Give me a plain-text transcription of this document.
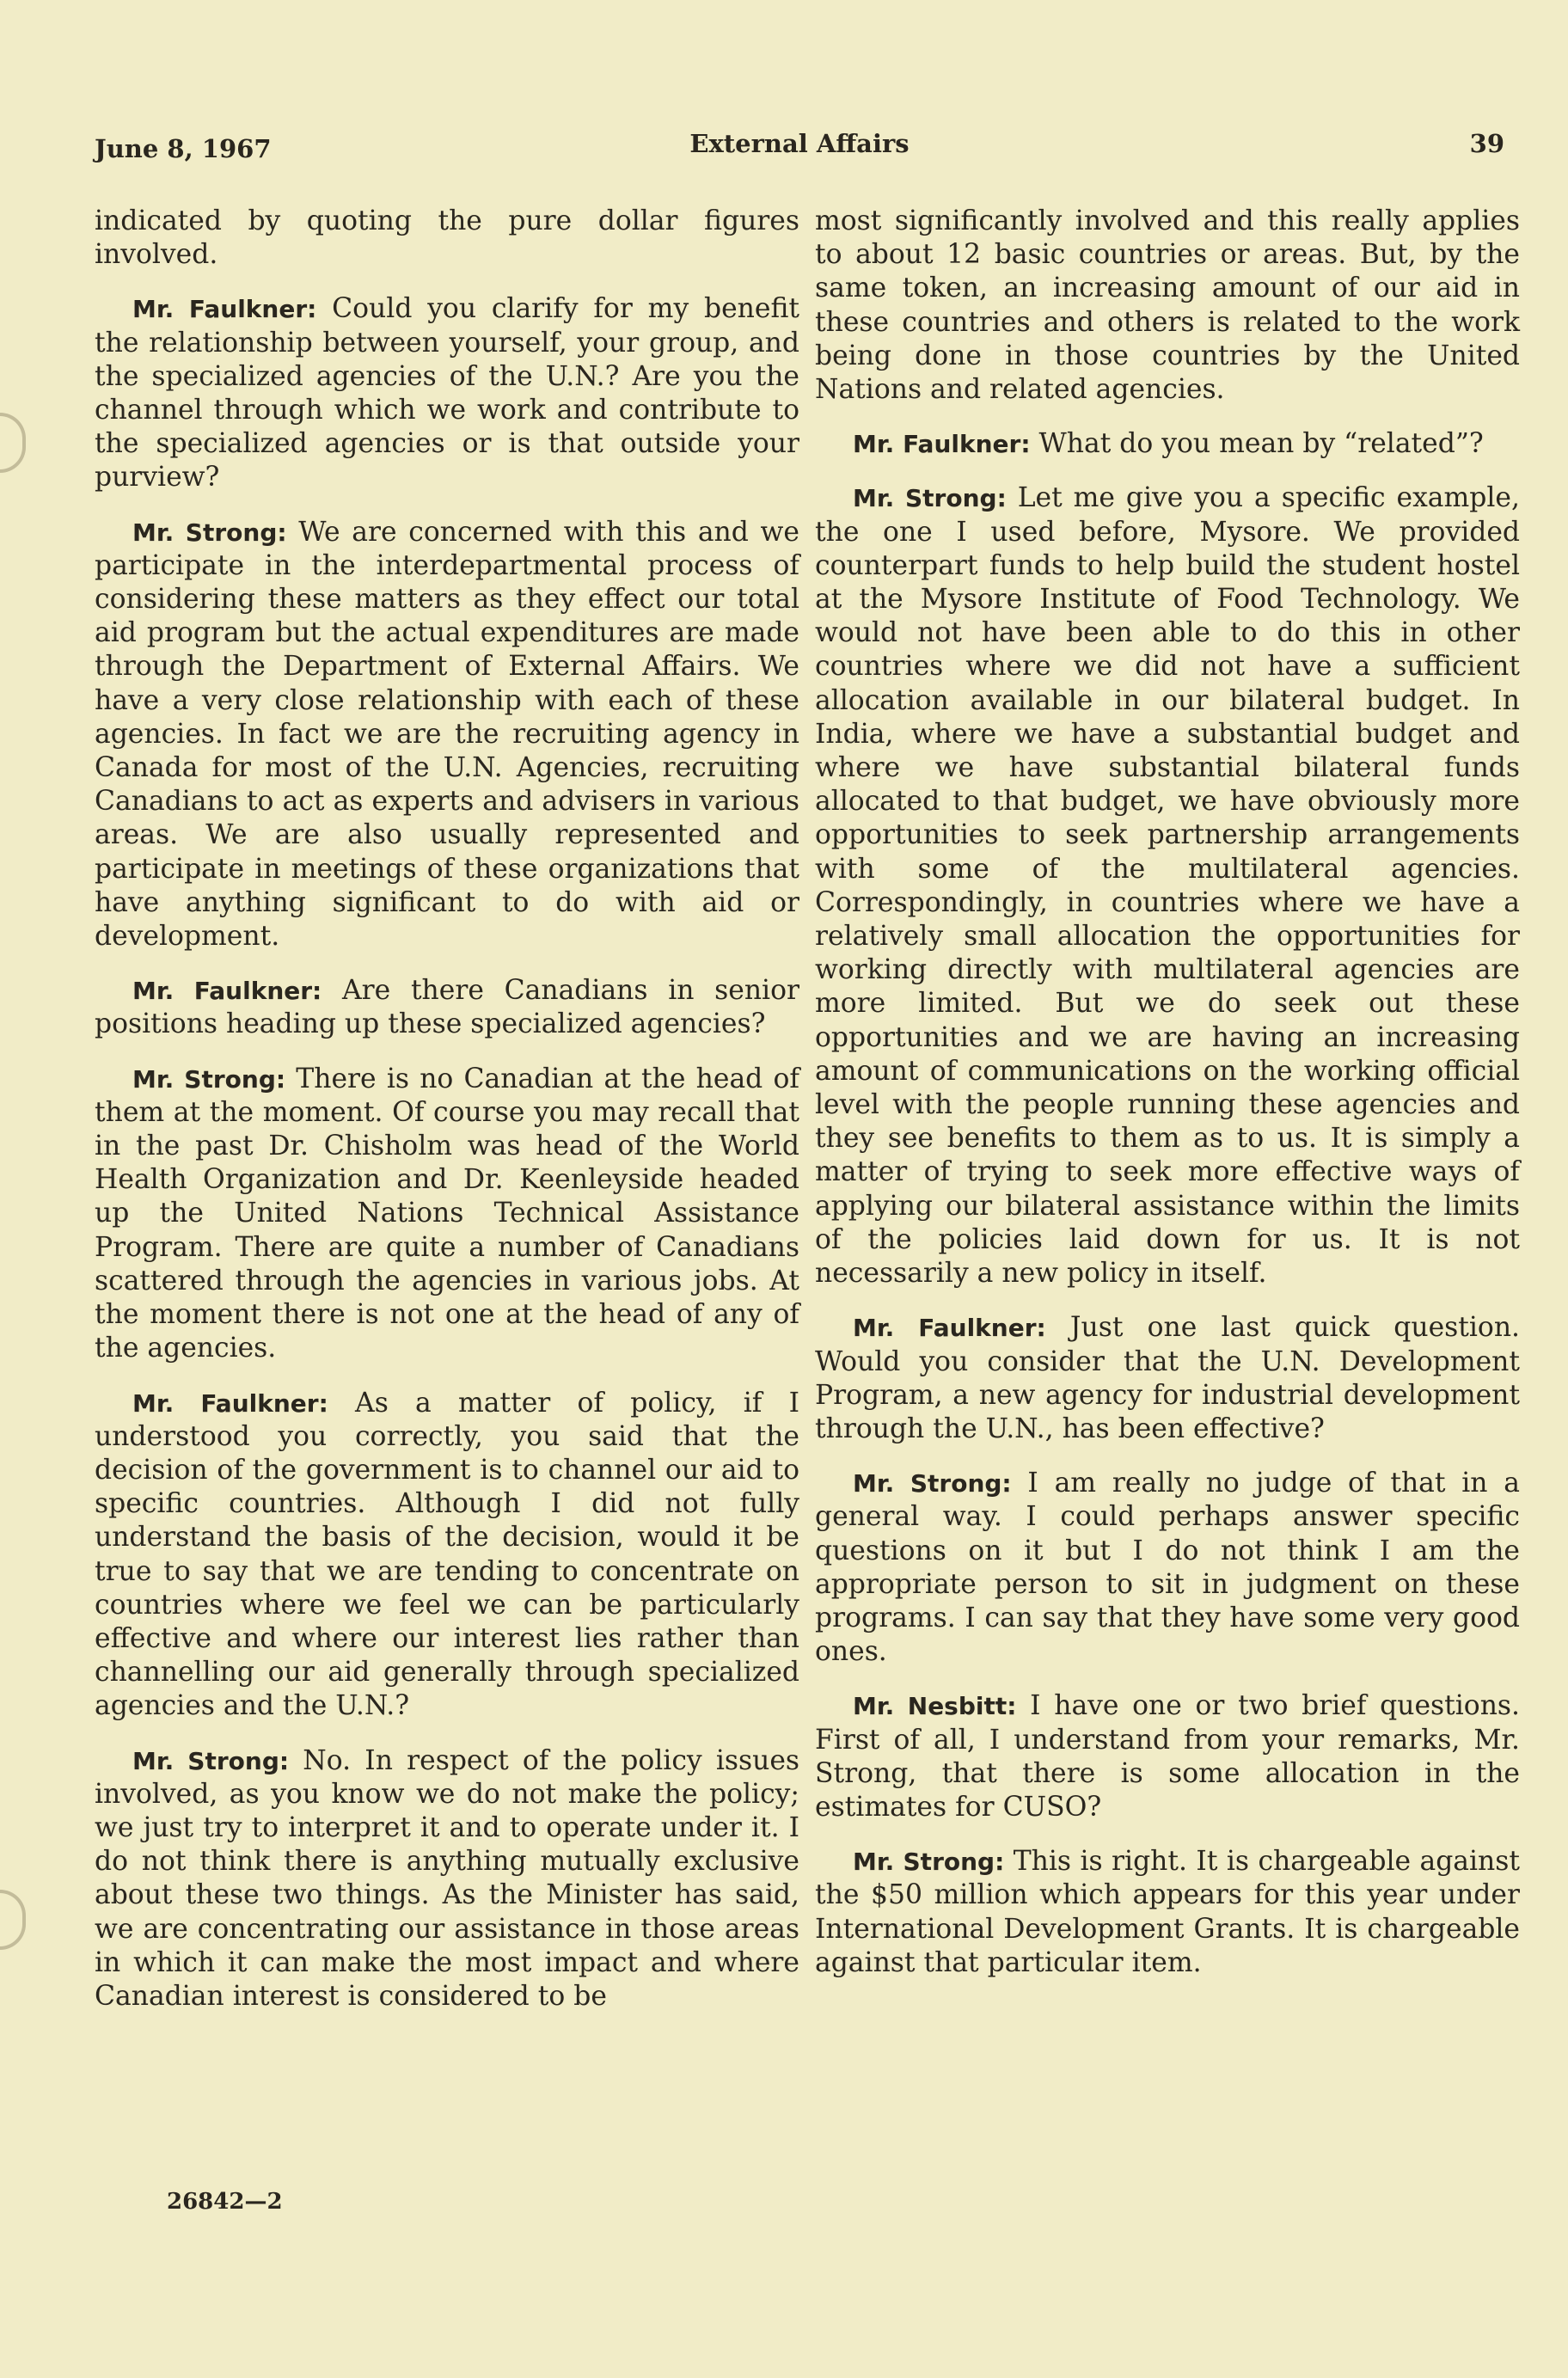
June 8, 1967	External Affairs	39

indicated by quoting the pure dollar figures involved.

Mr. Faulkner: Could you clarify for my benefit the relationship between yourself, your group, and the specialized agencies of the U.N.? Are you the channel through which we work and contribute to the specialized agencies or is that outside your purview?

Mr. Strong: We are concerned with this and we participate in the interdepartmental process of considering these matters as they effect our total aid program but the actual expenditures are made through the Department of External Affairs. We have a very close relationship with each of these agencies. In fact we are the recruiting agency in Canada for most of the U.N. Agencies, recruiting Canadians to act as experts and advisers in various areas. We are also usually represented and participate in meetings of these organizations that have anything significant to do with aid or development.

Mr. Faulkner: Are there Canadians in senior positions heading up these specialized agencies?

Mr. Strong: There is no Canadian at the head of them at the moment. Of course you may recall that in the past Dr. Chisholm was head of the World Health Organization and Dr. Keenleyside headed up the United Nations Technical Assistance Program. There are quite a number of Canadians scattered through the agencies in various jobs. At the moment there is not one at the head of any of the agencies.

Mr. Faulkner: As a matter of policy, if I understood you correctly, you said that the decision of the government is to channel our aid to specific countries. Although I did not fully understand the basis of the decision, would it be true to say that we are tending to concentrate on countries where we feel we can be particularly effective and where our interest lies rather than channelling our aid generally through specialized agencies and the U.N.?

Mr. Strong: No. In respect of the policy issues involved, as you know we do not make the policy; we just try to interpret it and to operate under it. I do not think there is anything mutually exclusive about these two things. As the Minister has said, we are concentrating our assistance in those areas in which it can make the most impact and where Canadian interest is considered to be

most significantly involved and this really applies to about 12 basic countries or areas. But, by the same token, an increasing amount of our aid in these countries and others is related to the work being done in those countries by the United Nations and related agencies.

Mr. Faulkner: What do you mean by “related”?

Mr. Strong: Let me give you a specific example, the one I used before, Mysore. We provided counterpart funds to help build the student hostel at the Mysore Institute of Food Technology. We would not have been able to do this in other countries where we did not have a sufficient allocation available in our bilateral budget. In India, where we have a substantial budget and where we have substantial bilateral funds allocated to that budget, we have obviously more opportunities to seek partnership arrangements with some of the multilateral agencies. Correspondingly, in countries where we have a relatively small allocation the opportunities for working directly with multilateral agencies are more limited. But we do seek out these opportunities and we are having an increasing amount of communications on the working official level with the people running these agencies and they see benefits to them as to us. It is simply a matter of trying to seek more effective ways of applying our bilateral assistance within the limits of the policies laid down for us. It is not necessarily a new policy in itself.

Mr. Faulkner: Just one last quick question. Would you consider that the U.N. Development Program, a new agency for industrial development through the U.N., has been effective?

Mr. Strong: I am really no judge of that in a general way. I could perhaps answer specific questions on it but I do not think I am the appropriate person to sit in judgment on these programs. I can say that they have some very good ones.

Mr. Nesbitt: I have one or two brief questions. First of all, I understand from your remarks, Mr. Strong, that there is some allocation in the estimates for CUSO?

Mr. Strong: This is right. It is chargeable against the $50 million which appears for this year under International Development Grants. It is chargeable against that particular item.

26842—2
